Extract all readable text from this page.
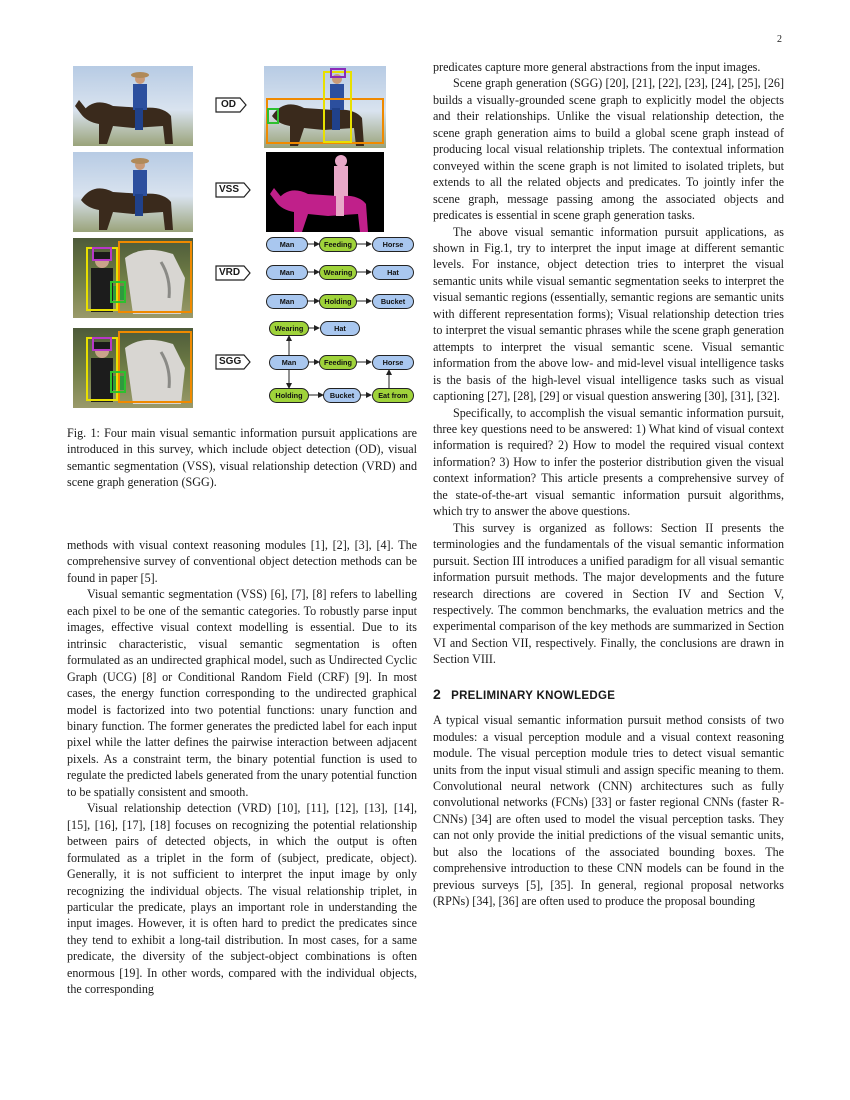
2
OD
VSS
VRD
SGG
Man	Feeding	Horse
Man	Wearing	Hat
Man	Holding	Bucket
Wearing	Hat
Man	Feeding	Horse
Holding	Bucket	Eat from
Fig. 1: Four main visual semantic information pursuit applications are introduced in this survey, which include object detection (OD), visual semantic segmentation (VSS), visual relationship detection (VRD) and scene graph generation (SGG).

methods with visual context reasoning modules [1], [2], [3], [4]. The comprehensive survey of conventional object detection methods can be found in paper [5].

Visual semantic segmentation (VSS) [6], [7], [8] refers to labelling each pixel to be one of the semantic categories. To robustly parse input images, effective visual context modelling is essential. Due to its intrinsic characteristic, visual semantic segmentation is often formulated as an undirected graphical model, such as Undirected Cyclic Graph (UCG) [8] or Conditional Random Field (CRF) [9]. In most cases, the energy function corresponding to the undirected graphical model is factorized into two potential functions: unary function and binary function. The former generates the predicted label for each input pixel while the latter defines the pairwise interaction between adjacent pixels. As a constraint term, the binary potential function is used to regulate the predicted labels generated from the unary potential function to be spatially consistent and smooth.

Visual relationship detection (VRD) [10], [11], [12], [13], [14], [15], [16], [17], [18] focuses on recognizing the potential relationship between pairs of detected objects, in which the output is often formulated as a triplet in the form of (subject, predicate, object). Generally, it is not sufficient to interpret the input image by only recognizing the individual objects. The visual relationship triplet, in particular the predicate, plays an important role in understanding the input images. However, it is often hard to predict the predicates since they tend to exhibit a long-tail distribution. In most cases, for a same predicate, the diversity of the subject-object combinations is often enormous [19]. In other words, compared with the individual objects, the corresponding

predicates capture more general abstractions from the input images.

Scene graph generation (SGG) [20], [21], [22], [23], [24], [25], [26] builds a visually-grounded scene graph to explicitly model the objects and their relationships. Unlike the visual relationship detection, the scene graph generation aims to build a global scene graph instead of producing local visual relationship triplets. The contextual information conveyed within the scene graph is not limited to isolated triplets, but extends to all the related objects and predicates. To jointly infer the scene graph, message passing among the associated objects and predicates is essential in scene graph generation tasks.

The above visual semantic information pursuit applications, as shown in Fig.1, try to interpret the input image at different semantic levels. For instance, object detection tries to interpret the visual semantic units while visual semantic segmentation seeks to interpret the visual semantic regions (essentially, semantic regions are semantic units with different representation forms); Visual relationship detection tries to interpret the visual semantic phrases while the scene graph generation attempts to interpret the visual semantic scene. Visual semantic information from the above low- and mid-level visual intelligence tasks is the basis of the high-level visual intelligence tasks such as visual captioning [27], [28], [29] or visual question answering [30], [31], [32].

Specifically, to accomplish the visual semantic information pursuit, three key questions need to be answered: 1) What kind of visual context information is required? 2) How to model the required visual context information? 3) How to infer the posterior distribution given the visual context information? This article presents a comprehensive survey of the state-of-the-art visual semantic information pursuit algorithms, which try to answer the above questions.

This survey is organized as follows: Section II presents the terminologies and the fundamentals of the visual semantic information pursuit. Section III introduces a unified paradigm for all visual semantic information pursuit methods. The major developments and the future research directions are covered in Section IV and Section V, respectively. The common benchmarks, the evaluation metrics and the experimental comparison of the key methods are summarized in Section VI and Section VII, respectively. Finally, the conclusions are drawn in Section VIII.

2 PRELIMINARY KNOWLEDGE

A typical visual semantic information pursuit method consists of two modules: a visual perception module and a visual context reasoning module. The visual perception module tries to detect visual semantic units from the input visual stimuli and assign specific meaning to them. Convolutional neural network (CNN) architectures such as fully convolutional networks (FCNs) [33] or faster regional CNNs (faster R-CNNs) [34] are often used to model the visual perception tasks. They can not only provide the initial predictions of the visual semantic units, but also the locations of the associated bounding boxes. The comprehensive introduction to these CNN models can be found in the previous surveys [5], [35]. In general, regional proposal networks (RPNs) [34], [36] are often used to produce the proposal bounding
